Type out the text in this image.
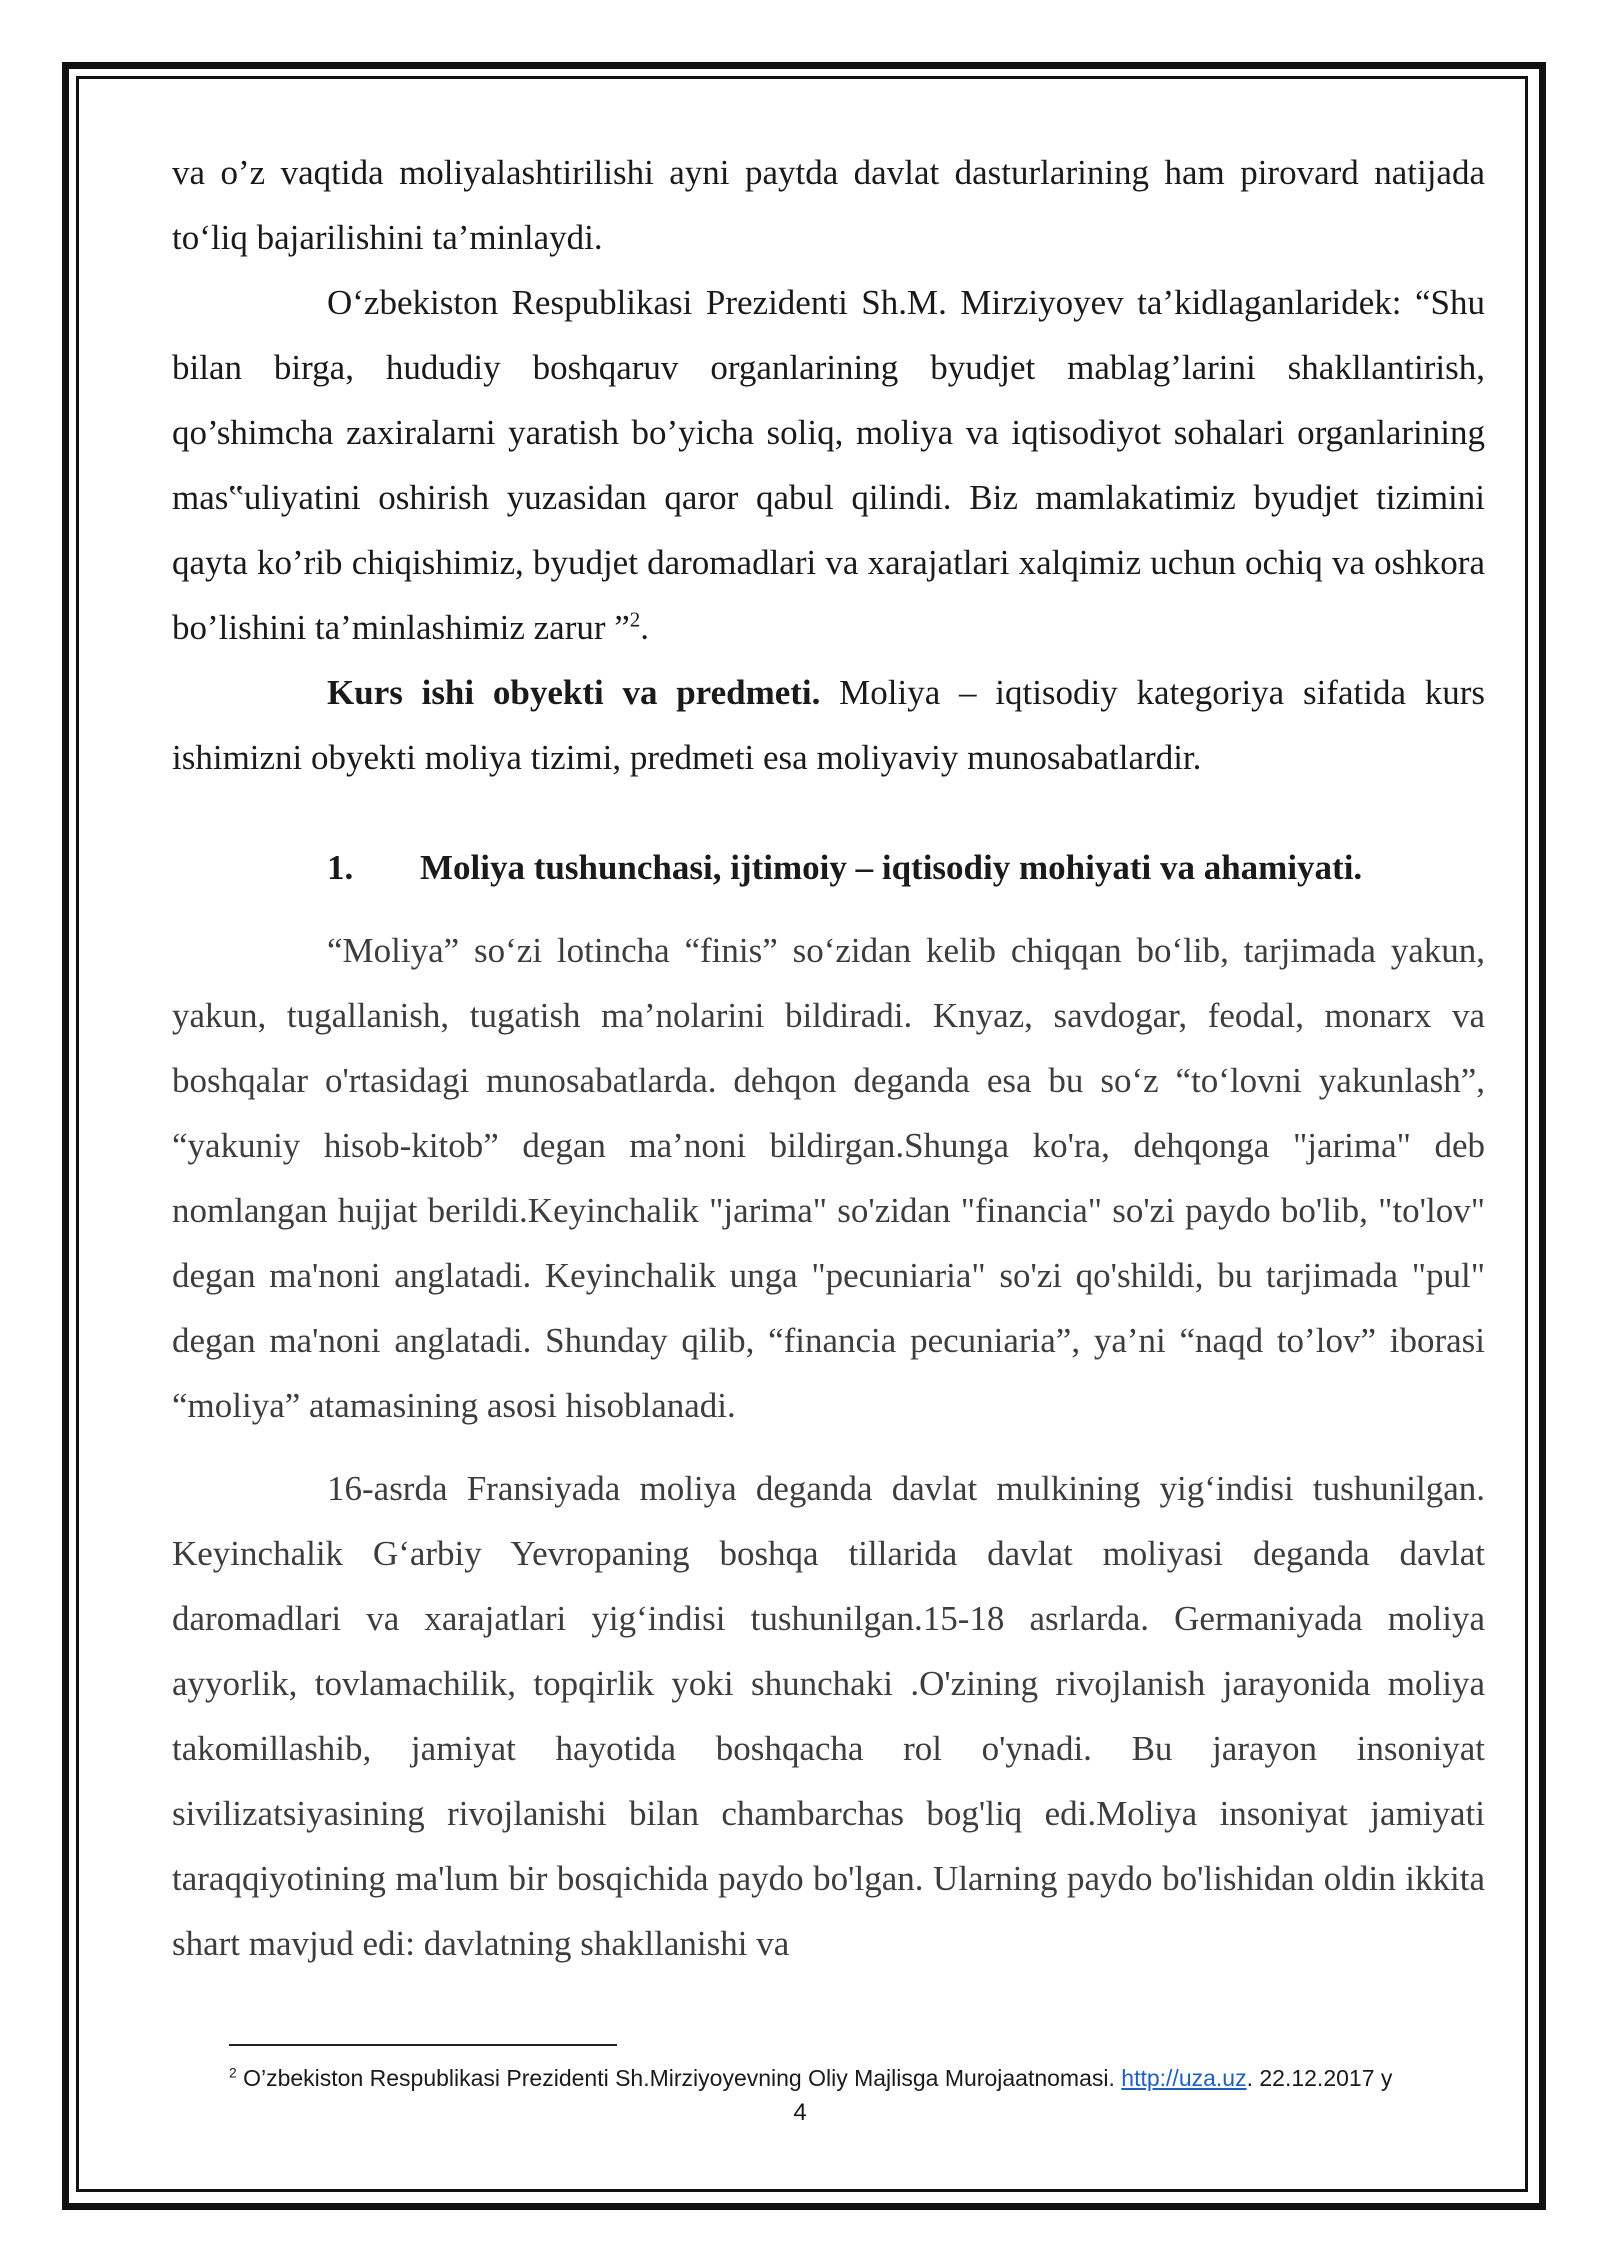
va o’z vaqtida moliyalashtirilishi ayni paytda davlat dasturlarining ham pirovard natijada to‘liq bajarilishini ta’minlaydi.

O‘zbekiston Respublikasi Prezidenti Sh.M. Mirziyoyev ta’kidlaganlaridek: “Shu bilan birga, hududiy boshqaruv organlarining byudjet mablag’larini shakllantirish, qo’shimcha zaxiralarni yaratish bo’yicha soliq, moliya va iqtisodiyot sohalari organlarining mas‟uliyatini oshirish yuzasidan qaror qabul qilindi. Biz mamlakatimiz byudjet tizimini qayta ko’rib chiqishimiz, byudjet daromadlari va xarajatlari xalqimiz uchun ochiq va oshkora bo’lishini ta’minlashimiz zarur ”$^2$.

Kurs ishi obyekti va predmeti. Moliya – iqtisodiy kategoriya sifatida kurs ishimizni obyekti moliya tizimi, predmeti esa moliyaviy munosabatlardir.

1. Moliya tushunchasi, ijtimoiy – iqtisodiy mohiyati va ahamiyati.

“Moliya” so‘zi lotincha “finis” so‘zidan kelib chiqqan bo‘lib, tarjimada yakun, yakun, tugallanish, tugatish ma’nolarini bildiradi. Knyaz, savdogar, feodal, monarx va boshqalar o'rtasidagi munosabatlarda. dehqon deganda esa bu so‘z “to‘lovni yakunlash”, “yakuniy hisob-kitob” degan ma’noni bildirgan.Shunga ko'ra, dehqonga "jarima" deb nomlangan hujjat berildi.Keyinchalik "jarima" so'zidan "financia" so'zi paydo bo'lib, "to'lov" degan ma'noni anglatadi. Keyinchalik unga "pecuniaria" so'zi qo'shildi, bu tarjimada "pul" degan ma'noni anglatadi. Shunday qilib, “financia pecuniaria”, ya’ni “naqd to’lov” iborasi “moliya” atamasining asosi hisoblanadi.

16-asrda Fransiyada moliya deganda davlat mulkining yig‘indisi tushunilgan. Keyinchalik G‘arbiy Yevropaning boshqa tillarida davlat moliyasi deganda davlat daromadlari va xarajatlari yig‘indisi tushunilgan.15-18 asrlarda. Germaniyada moliya ayyorlik, tovlamachilik, topqirlik yoki shunchaki .O'zining rivojlanish jarayonida moliya takomillashib, jamiyat hayotida boshqacha rol o'ynadi. Bu jarayon insoniyat sivilizatsiyasining rivojlanishi bilan chambarchas bog'liq edi.Moliya insoniyat jamiyati taraqqiyotining ma'lum bir bosqichida paydo bo'lgan. Ularning paydo bo'lishidan oldin ikkita shart mavjud edi: davlatning shakllanishi va

$^2$ O’zbekiston Respublikasi Prezidenti Sh.Mirziyoyevning Oliy Majlisga Murojaatnomasi. http://uza.uz. 22.12.2017 y
4
